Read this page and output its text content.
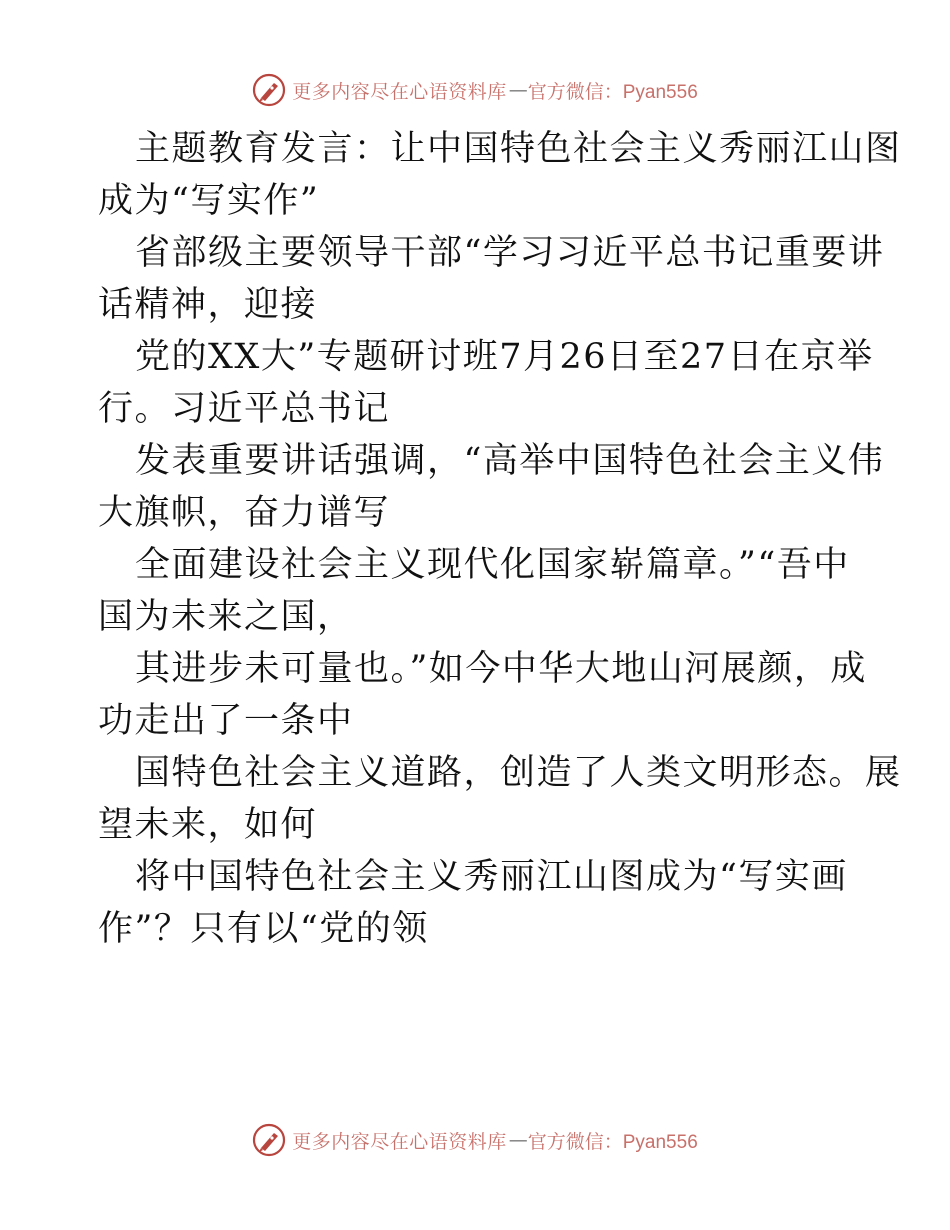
更多内容尽在心语资料库 — 官方微信：Pyan556
主题教育发言：让中国特色社会主义秀丽江山图
成为“写实作”
省部级主要领导干部“学习习近平总书记重要讲
话精神，迎接
党的XX大”专题研讨班7月26日至27日在京举
行。习近平总书记
发表重要讲话强调，“高举中国特色社会主义伟
大旗帜，奋力谱写
全面建设社会主义现代化国家崭篇章。”“吾中
国为未来之国，
其进步未可量也。”如今中华大地山河展颜，成
功走出了一条中
国特色社会主义道路，创造了人类文明形态。展
望未来，如何
将中国特色社会主义秀丽江山图成为“写实画
作”？只有以“党的领
更多内容尽在心语资料库 — 官方微信：Pyan556
